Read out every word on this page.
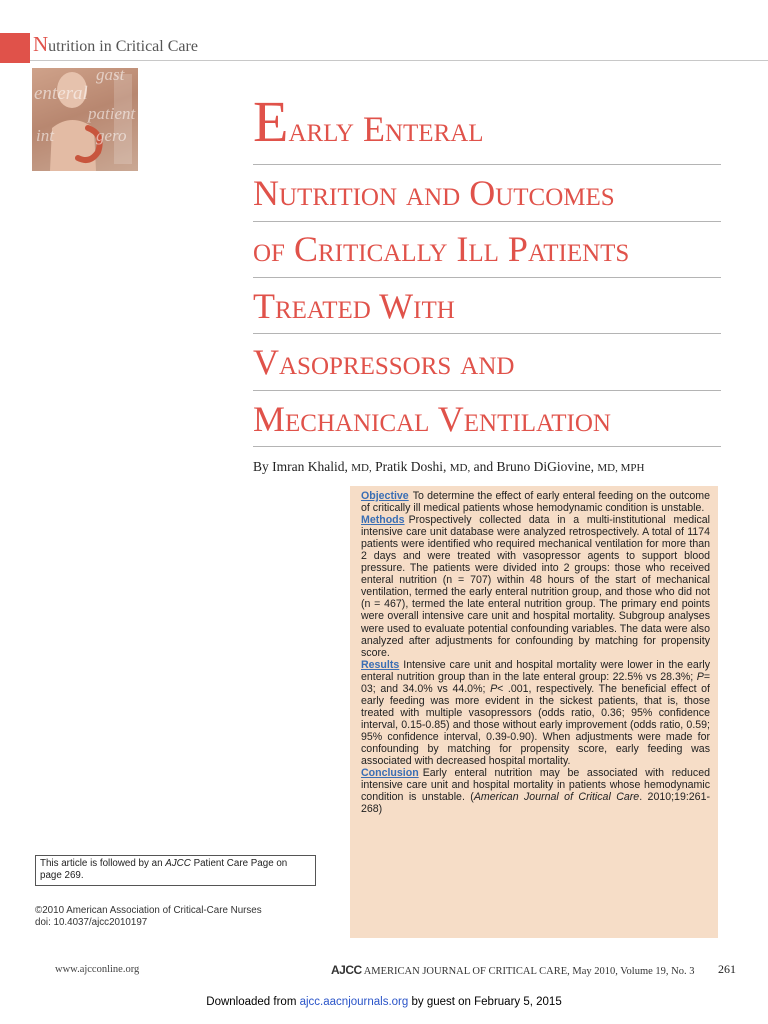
Nutrition in Critical Care
gast
enteral
patient
int gero Early Enteral
Nutrition and Outcomes
of Critically Ill Patients
Treated With
Vasopressors and
Mechanical Ventilation
By Imran Khalid, MD, Pratik Doshi, MD, and Bruno DiGiovine, MD, MPH
Objective To determine the effect of early enteral feeding on the outcome of critically ill medical patients whose hemodynamic condition is unstable.
Methods Prospectively collected data in a multi-institutional medical intensive care unit database were analyzed retrospectively. A total of 1174 patients were identified who required mechanical ventilation for more than 2 days and were treated with vasopressor agents to support blood pressure. The patients were divided into 2 groups: those who received enteral nutrition (n = 707) within 48 hours of the start of mechanical ventilation, termed the early enteral nutrition group, and those who did not (n = 467), termed the late enteral nutrition group. The primary end points were overall intensive care unit and hospital mortality. Subgroup analyses were used to evaluate potential confounding variables. The data were also analyzed after adjustments for confounding by matching for propensity score.
Results Intensive care unit and hospital mortality were lower in the early enteral nutrition group than in the late enteral group: 22.5% vs 28.3%; P= 03; and 34.0% vs 44.0%; P< .001, respectively. The beneficial effect of early feeding was more evident in the sickest patients, that is, those treated with multiple vasopressors (odds ratio, 0.36; 95% confidence interval, 0.15-0.85) and those without early improvement (odds ratio, 0.59; 95% confidence interval, 0.39-0.90). When adjustments were made for confounding by matching for propensity score, early feeding was associated with decreased hospital mortality.
Conclusion Early enteral nutrition may be associated with reduced intensive care unit and hospital mortality in patients whose hemodynamic condition is unstable. (American Journal of Critical Care. 2010;19:261-268)
This article is followed by an AJCC Patient Care Page on page 269.
©2010 American Association of Critical-Care Nurses
doi: 10.4037/ajcc2010197
www.ajcconline.org	AJCC AMERICAN JOURNAL OF CRITICAL CARE, May 2010, Volume 19, No. 3 261
Downloaded from ajcc.aacnjournals.org by guest on February 5, 2015
